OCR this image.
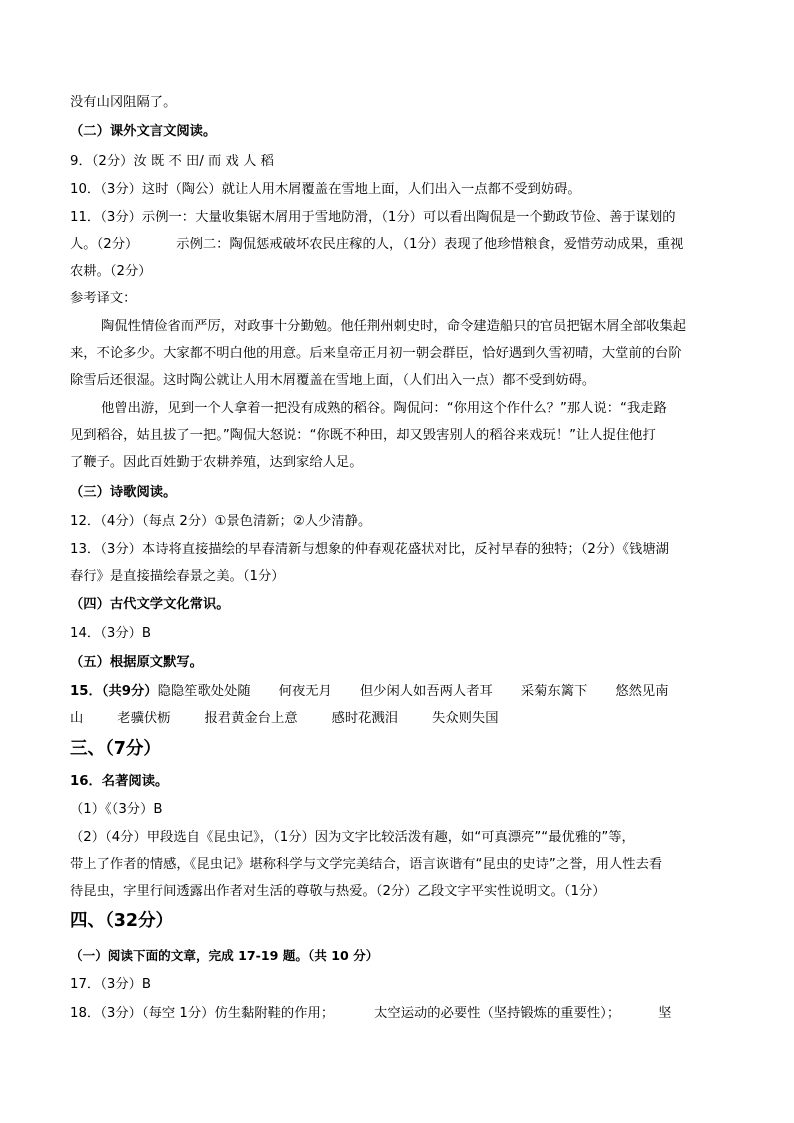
没有山冈阻隔了。
（二）课外文言文阅读。
9．（2分）汝 既 不 田/ 而 戏 人 稻
10．（3分）这时（陶公）就让人用木屑覆盖在雪地上面，人们出入一点都不受到妨碍。
11．（3分）示例一：大量收集锯木屑用于雪地防滑，（1分）可以看出陶侃是一个勤政节俭、善于谋划的
人。（2分）	示例二：陶侃惩戒破坏农民庄稼的人，（1分）表现了他珍惜粮食，爱惜劳动成果，重视
农耕。（2分）
参考译文：
陶侃性情俭省而严厉，对政事十分勤勉。他任荆州刺史时，命令建造船只的官员把锯木屑全部收集起
来，不论多少。大家都不明白他的用意。后来皇帝正月初一朝会群臣，恰好遇到久雪初晴，大堂前的台阶
除雪后还很湿。这时陶公就让人用木屑覆盖在雪地上面，（人们出入一点）都不受到妨碍。
他曾出游，见到一个人拿着一把没有成熟的稻谷。陶侃问：“你用这个作什么？”那人说：“我走路
见到稻谷，姑且拔了一把。”陶侃大怒说：“你既不种田，却又毁害别人的稻谷来戏玩！”让人捉住他打
了鞭子。因此百姓勤于农耕养殖，达到家给人足。
（三）诗歌阅读。
12．（4分）（每点 2分）①景色清新；②人少清静。
13．（3分）本诗将直接描绘的早春清新与想象的仲春观花盛状对比，反衬早春的独特；（2分）《钱塘湖
春行》是直接描绘春景之美。（1分）
（四）古代文学文化常识。
14．（3分）B
（五）根据原文默写。
15．（共9分）隐隐笙歌处处随 何夜无月 但少闲人如吾两人者耳 采菊东篱下 悠然见南
山	老骥伏枥	报君黄金台上意	感时花溅泪	失众则失国
三、（7分）
16．名著阅读。
（1）《（3分）B
（2）（4分）甲段选自《昆虫记》，（1分）因为文字比较活泼有趣，如“可真漂亮”“最优雅的”等，
带上了作者的情感，《昆虫记》堪称科学与文学完美结合，语言诙谐有“昆虫的史诗”之誉，用人性去看
待昆虫，字里行间透露出作者对生活的尊敬与热爱。（2分）乙段文字平实性说明文。（1分）
四、（32分）
（一）阅读下面的文章，完成 17-19 题。（共 10 分）
17．（3分）B
18．（3分）（每空 1分）仿生黏附鞋的作用；	太空运动的必要性（坚持锻炼的重要性）；	坚
